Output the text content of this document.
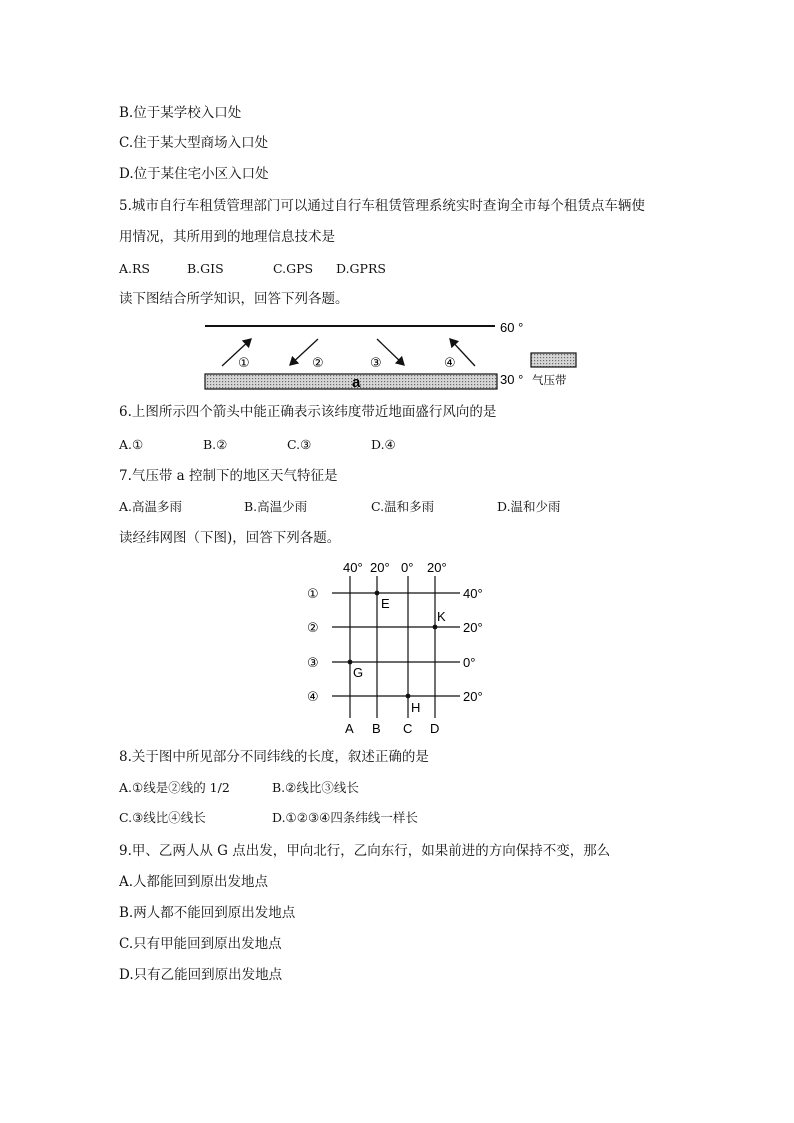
B.位于某学校入口处
C.住于某大型商场入口处
D.位于某住宅小区入口处
5.城市自行车租赁管理部门可以通过自行车租赁管理系统实时查询全市每个租赁点车辆使
用情况，其所用到的地理信息技术是
A.RS	B.GIS	C.GPS D.GPRS
读下图结合所学知识，回答下列各题。
60 °
①	②	③	④
a	30 ° 气压带
6.上图所示四个箭头中能正确表示该纬度带近地面盛行风向的是
A.①	B.②	C.③	D.④
7.气压带 a 控制下的地区天气特征是
A.高温多雨	B.高温少雨	C.温和多雨	D.温和少雨
读经纬网图（下图)，回答下列各题。
40° 20° 0° 20°
A B C D
①
②
③
④
40°
20°
0°
20°
E
K
G
H
8.关于图中所见部分不同纬线的长度，叙述正确的是
A.①线是②线的 1/2	B.②线比③线长
C.③线比④线长	D.①②③④四条纬线一样长
9.甲、乙两人从 G 点出发，甲向北行，乙向东行，如果前进的方向保持不变，那么
A.人都能回到原出发地点
B.两人都不能回到原出发地点
C.只有甲能回到原出发地点
D.只有乙能回到原出发地点
